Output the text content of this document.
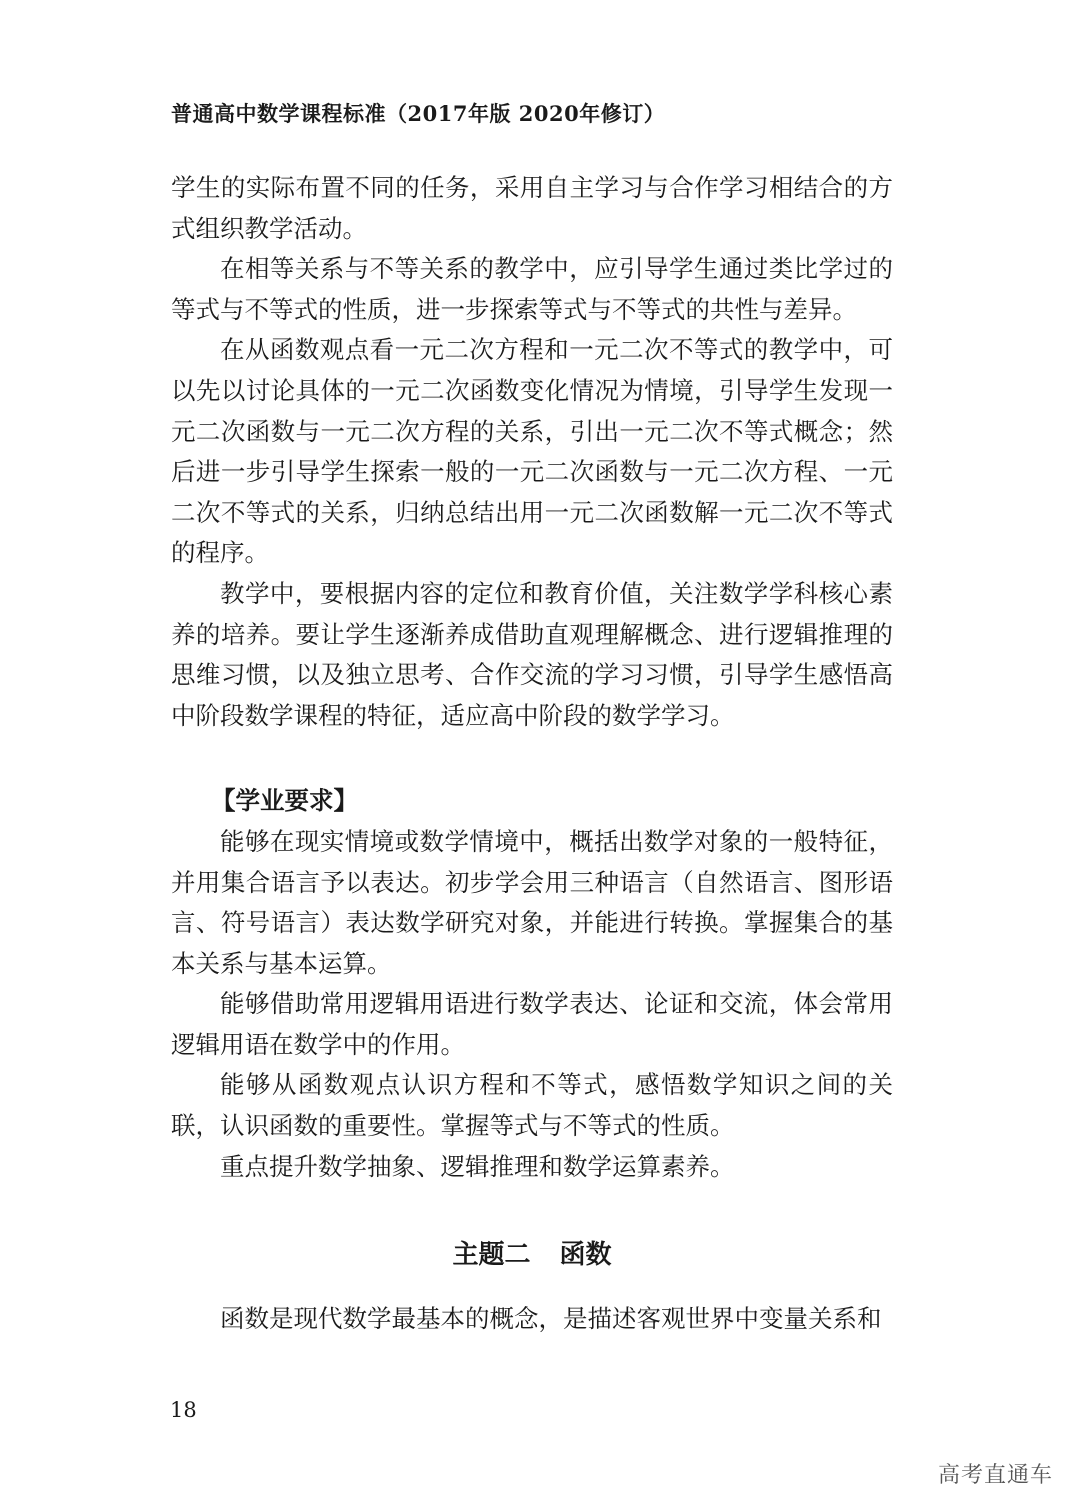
普通高中数学课程标准（2017年版 2020年修订）

学生的实际布置不同的任务，采用自主学习与合作学习相结合的方式组织教学活动。

在相等关系与不等关系的教学中，应引导学生通过类比学过的等式与不等式的性质，进一步探索等式与不等式的共性与差异。

在从函数观点看一元二次方程和一元二次不等式的教学中，可以先以讨论具体的一元二次函数变化情况为情境，引导学生发现一元二次函数与一元二次方程的关系，引出一元二次不等式概念；然后进一步引导学生探索一般的一元二次函数与一元二次方程、一元二次不等式的关系，归纳总结出用一元二次函数解一元二次不等式的程序。

教学中，要根据内容的定位和教育价值，关注数学学科核心素养的培养。要让学生逐渐养成借助直观理解概念、进行逻辑推理的思维习惯，以及独立思考、合作交流的学习习惯，引导学生感悟高中阶段数学课程的特征，适应高中阶段的数学学习。

【学业要求】

能够在现实情境或数学情境中，概括出数学对象的一般特征，并用集合语言予以表达。初步学会用三种语言（自然语言、图形语言、符号语言）表达数学研究对象，并能进行转换。掌握集合的基本关系与基本运算。

能够借助常用逻辑用语进行数学表达、论证和交流，体会常用逻辑用语在数学中的作用。

能够从函数观点认识方程和不等式，感悟数学知识之间的关联，认识函数的重要性。掌握等式与不等式的性质。

重点提升数学抽象、逻辑推理和数学运算素养。

主题二 函数

函数是现代数学最基本的概念，是描述客观世界中变量关系和

18
高考直通车
